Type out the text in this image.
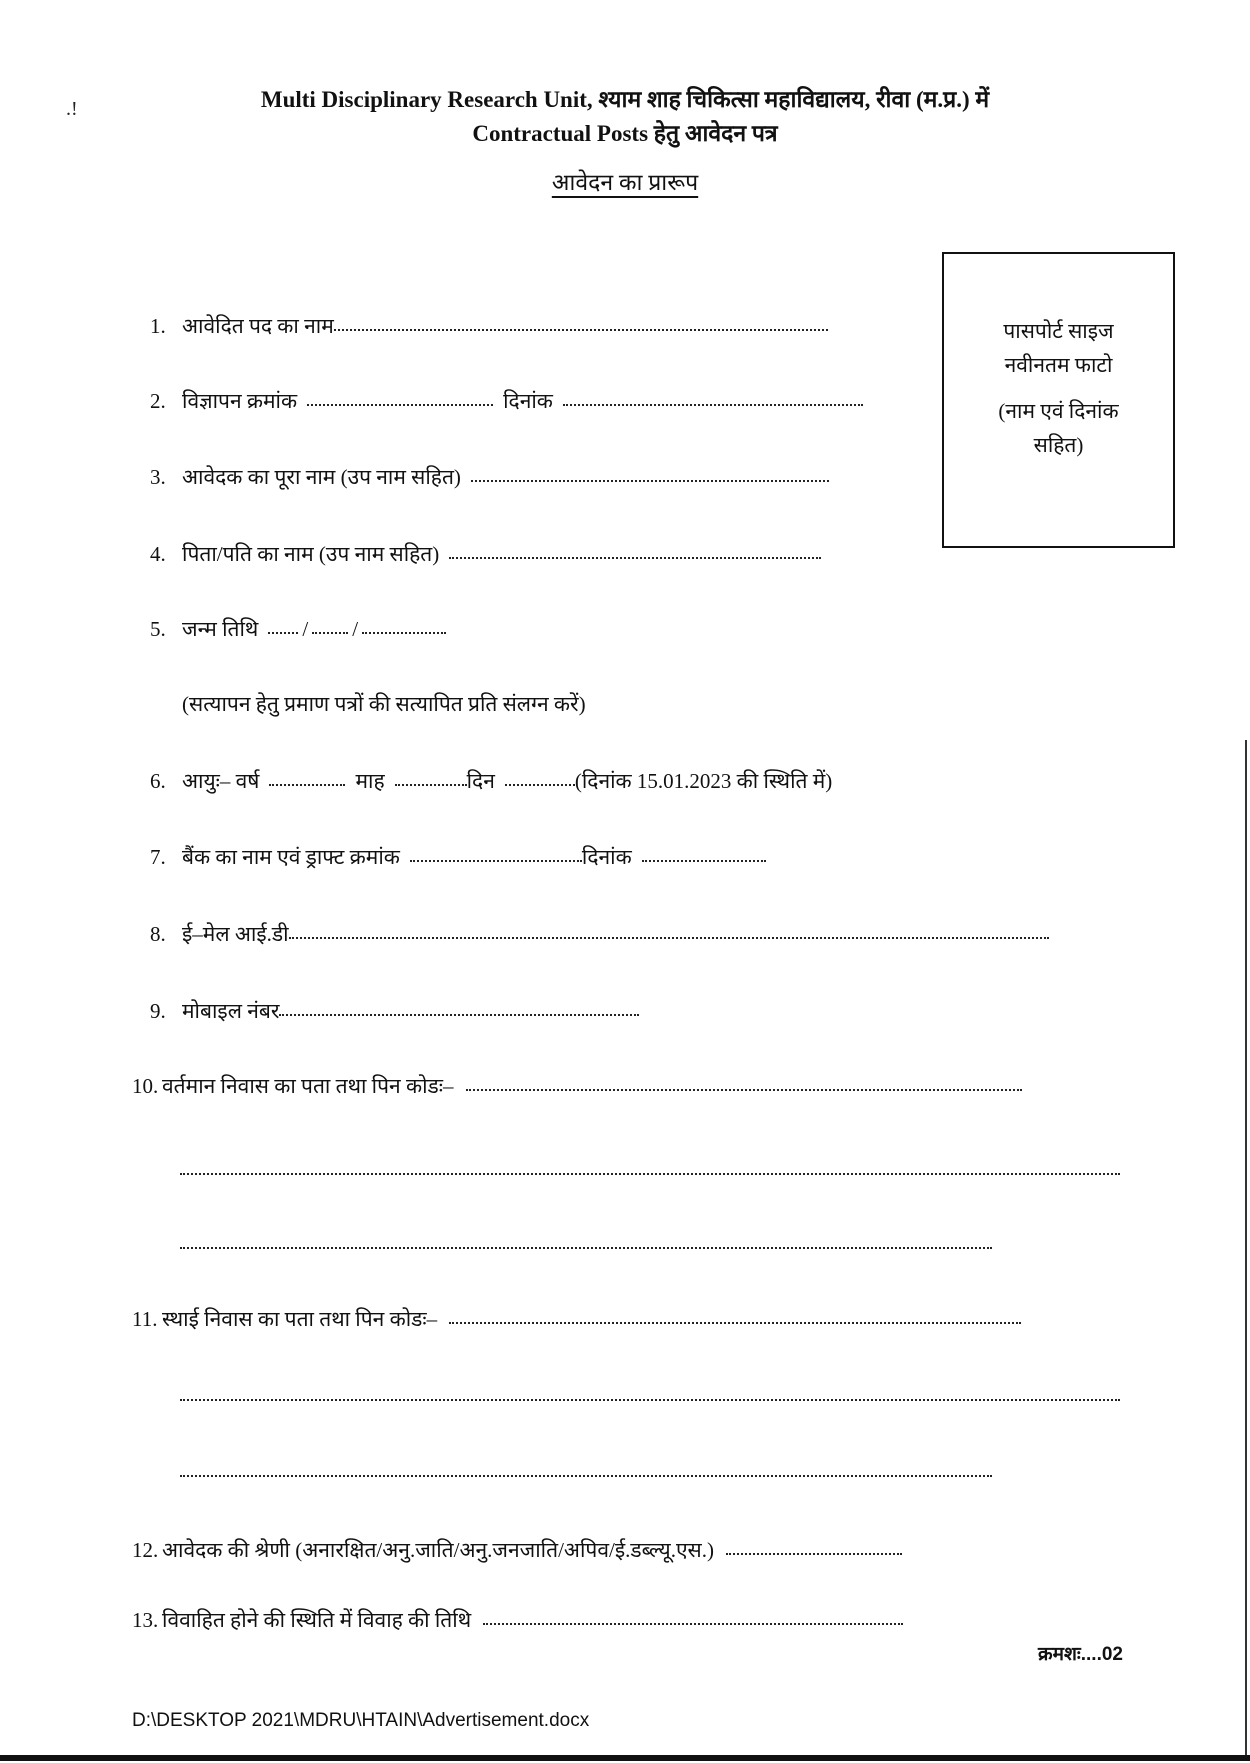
.!	Multi Disciplinary Research Unit, श्याम शाह चिकित्सा महाविद्यालय, रीवा (म.प्र.) में
Contractual Posts हेतु आवेदन पत्र
आवेदन का प्रारूप
पासपोर्ट साइज
नवीनतम फाटो
(नाम एवं दिनांक
सहित)
1. आवेदित पद का नाम
2. विज्ञापन क्रमांक	दिनांक
3. आवेदक का पूरा नाम (उप नाम सहित)
4. पिता/पति का नाम (उप नाम सहित)
5. जन्म तिथि / /
(सत्यापन हेतु प्रमाण पत्रों की सत्यापित प्रति संलग्न करें)
6. आयुः– वर्ष	माह	दिन	(दिनांक 15.01.2023 की स्थिति में)
7. बैंक का नाम एवं ड्राफ्ट क्रमांक	दिनांक
8. ई–मेल आई.डी
9. मोबाइल नंबर
10. वर्तमान निवास का पता तथा पिन कोडः–
11. स्थाई निवास का पता तथा पिन कोडः–
12. आवेदक की श्रेणी (अनारक्षित/अनु.जाति/अनु.जनजाति/अपिव/ई.डब्ल्यू.एस.)
13. विवाहित होने की स्थिति में विवाह की तिथि
क्रमशः....02
D:\DESKTOP 2021\MDRU\HTAIN\Advertisement.docx
